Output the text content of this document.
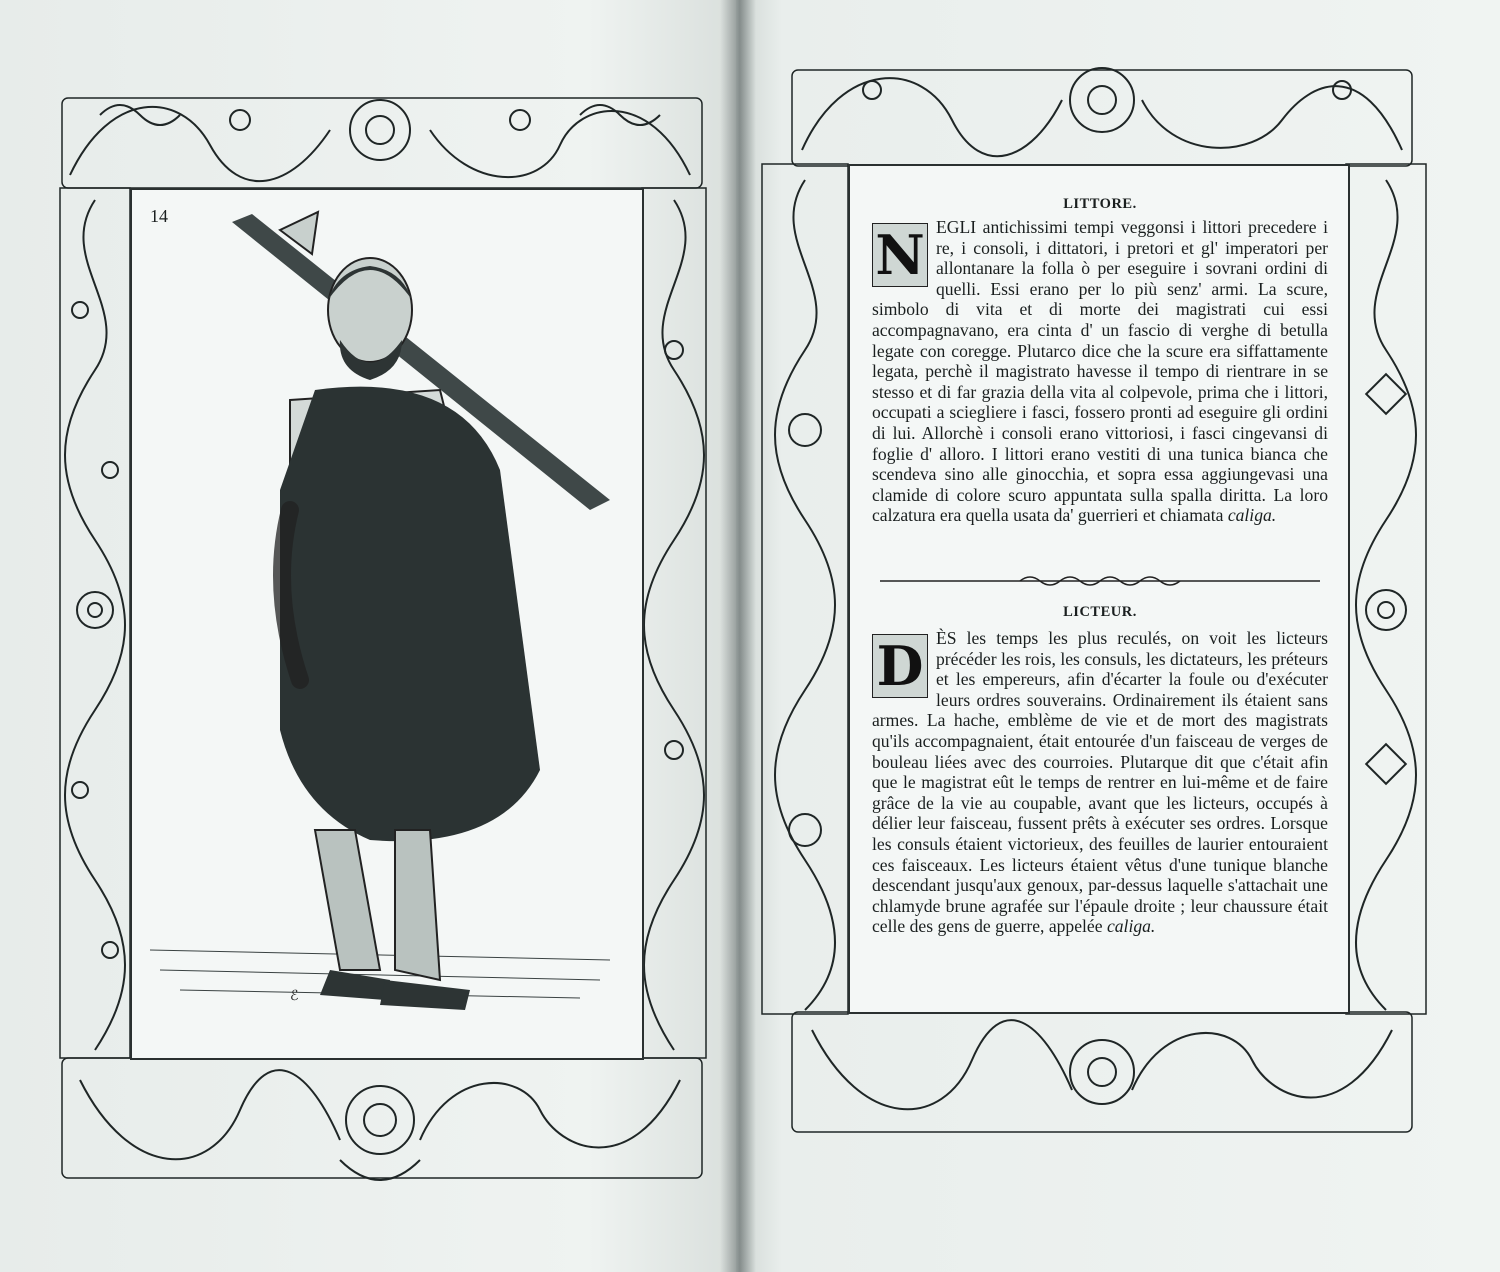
14
ℰ
LITTORE.
N EGLI antichissimi tempi veggonsi i littori precedere i re, i consoli, i dittatori, i pretori et gl' imperatori per allontanare la folla ò per eseguire i sovrani ordini di quelli. Essi erano per lo più senz' armi. La scure, simbolo di vita et di morte dei magistrati cui essi accompagnavano, era cinta d' un fascio di verghe di betulla legate con coregge. Plutarco dice che la scure era siffattamente legata, perchè il magistrato havesse il tempo di rientrare in se stesso et di far grazia della vita al colpevole, prima che i littori, occupati a sciegliere i fasci, fossero pronti ad eseguire gli ordini di lui. Allorchè i consoli erano vittoriosi, i fasci cingevansi di foglie d' alloro. I littori erano vestiti di una tunica bianca che scendeva sino alle ginocchia, et sopra essa aggiungevasi una clamide di colore scuro appuntata sulla spalla diritta. La loro calzatura era quella usata da' guerrieri et chiamata caliga.
LICTEUR.
D ÈS les temps les plus reculés, on voit les licteurs précéder les rois, les consuls, les dictateurs, les préteurs et les empereurs, afin d'écarter la foule ou d'exécuter leurs ordres souverains. Ordinairement ils étaient sans armes. La hache, emblème de vie et de mort des magistrats qu'ils accompagnaient, était entourée d'un faisceau de verges de bouleau liées avec des courroies. Plutarque dit que c'était afin que le magistrat eût le temps de rentrer en lui-même et de faire grâce de la vie au coupable, avant que les licteurs, occupés à délier leur faisceau, fussent prêts à exécuter ses ordres. Lorsque les consuls étaient victorieux, des feuilles de laurier entouraient ces faisceaux. Les licteurs étaient vêtus d'une tunique blanche descendant jusqu'aux genoux, par-dessus laquelle s'attachait une chlamyde brune agrafée sur l'épaule droite ; leur chaussure était celle des gens de guerre, appelée caliga.
